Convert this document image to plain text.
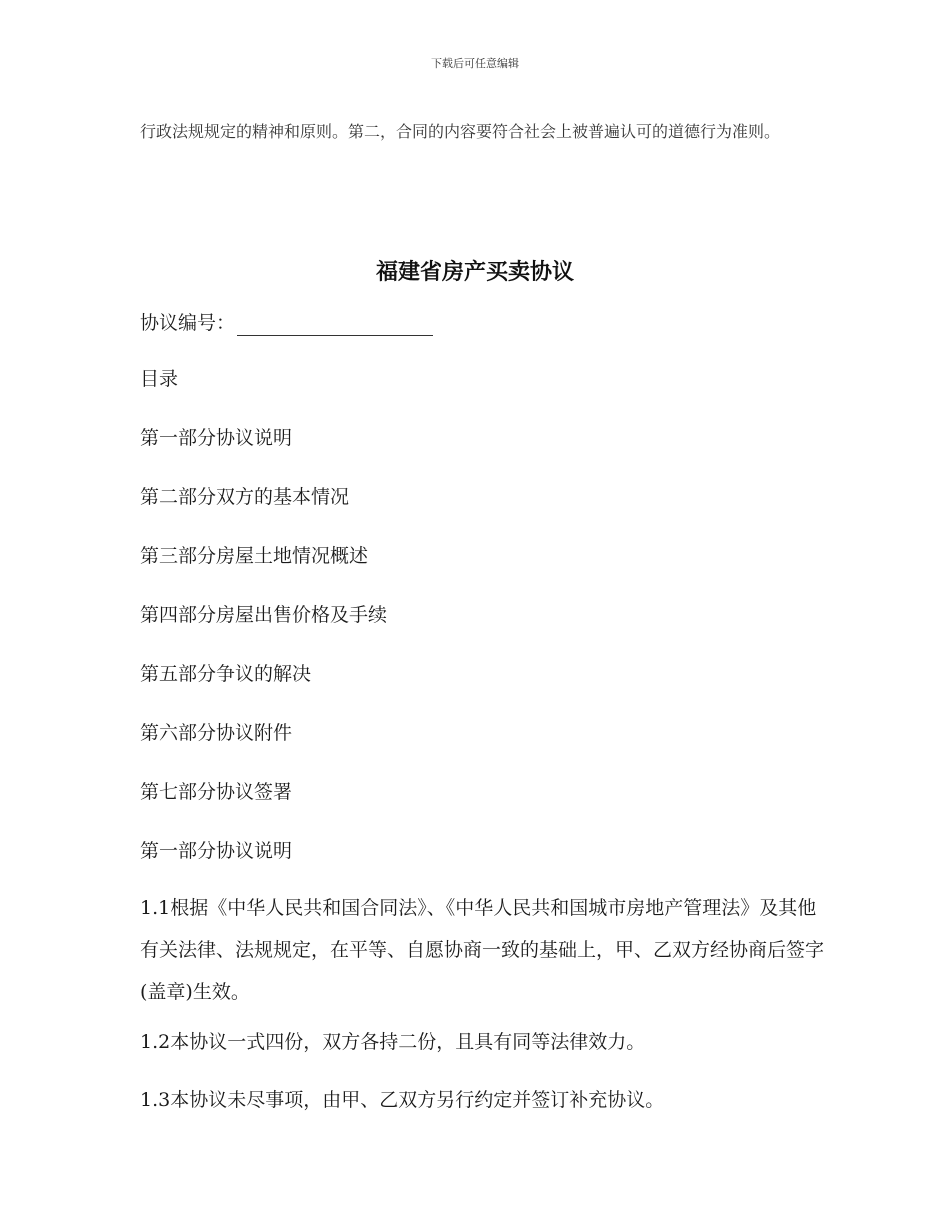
下载后可任意编辑

行政法规规定的精神和原则。第二，合同的内容要符合社会上被普遍认可的道德行为准则。

福建省房产买卖协议
协议编号：

目录

第一部分协议说明

第二部分双方的基本情况

第三部分房屋土地情况概述

第四部分房屋出售价格及手续

第五部分争议的解决

第六部分协议附件

第七部分协议签署

第一部分协议说明

1.1根据《中华人民共和国合同法》、《中华人民共和国城市房地产管理法》及其他有关法律、法规规定，在平等、自愿协商一致的基础上，甲、乙双方经协商后签字(盖章)生效。

1.2本协议一式四份，双方各持二份，且具有同等法律效力。

1.3本协议未尽事项，由甲、乙双方另行约定并签订补充协议。
